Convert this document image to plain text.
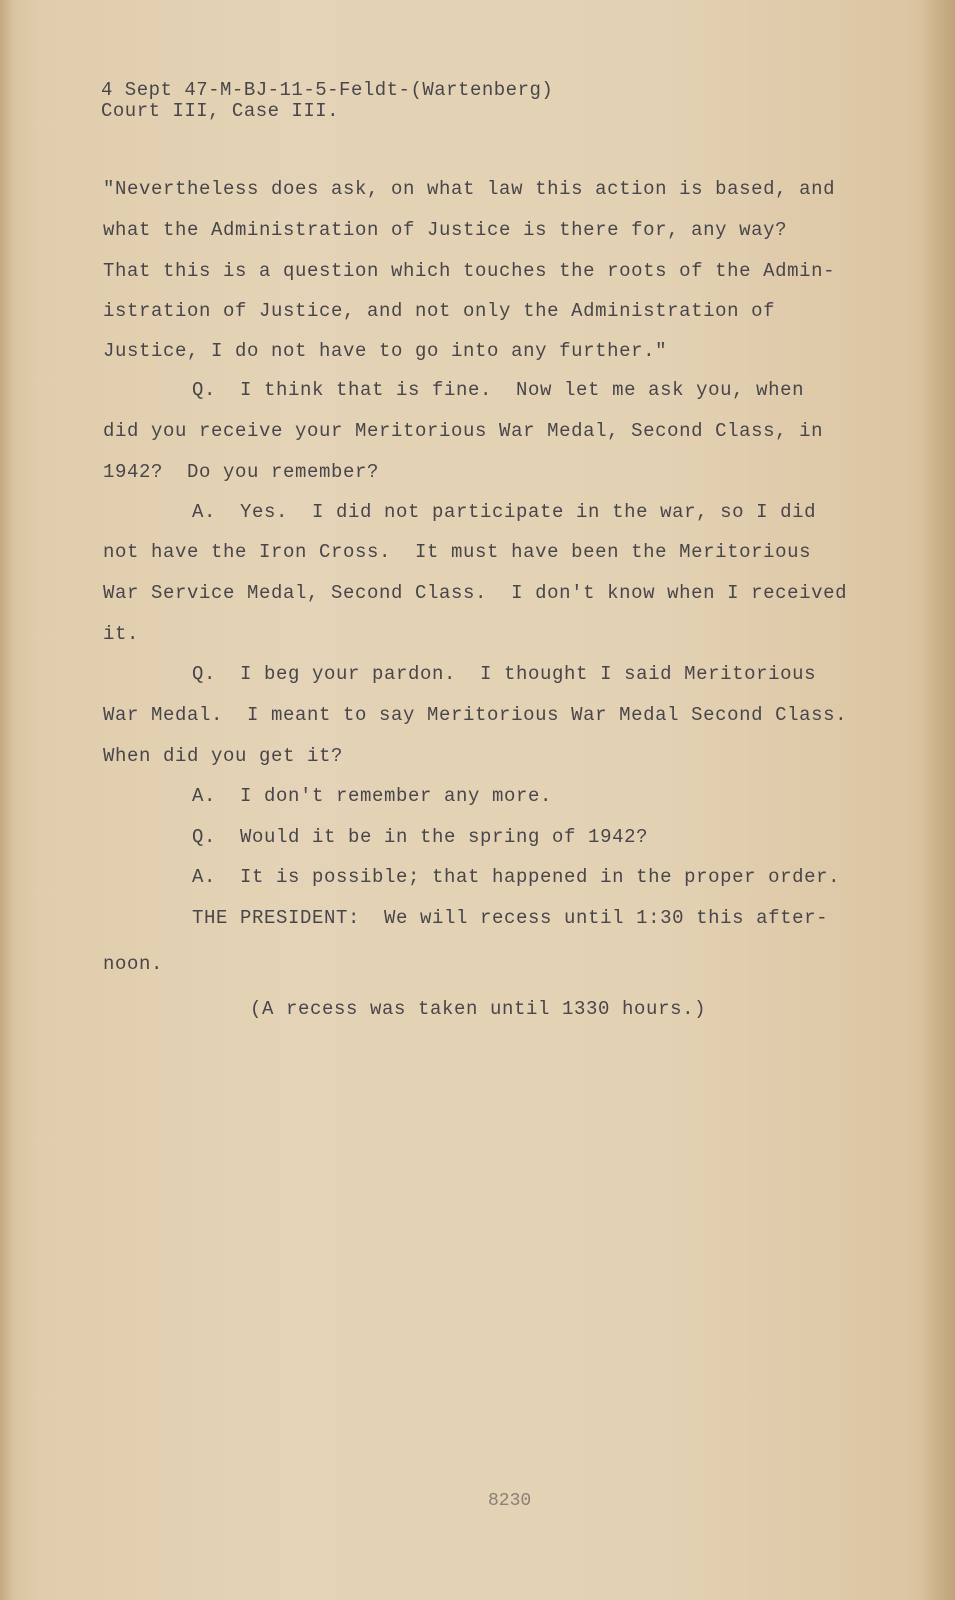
4 Sept 47-M-BJ-11-5-Feldt-(Wartenberg)
Court III, Case III.
"Nevertheless does ask, on what law this action is based, and
what the Administration of Justice is there for, any way?
That this is a question which touches the roots of the Admin-
istration of Justice, and not only the Administration of
Justice, I do not have to go into any further."
Q.  I think that is fine.  Now let me ask you, when
did you receive your Meritorious War Medal, Second Class, in
1942?  Do you remember?
A.  Yes.  I did not participate in the war, so I did
not have the Iron Cross.  It must have been the Meritorious
War Service Medal, Second Class.  I don't know when I received
it.
Q.  I beg your pardon.  I thought I said Meritorious
War Medal.  I meant to say Meritorious War Medal Second Class.
When did you get it?
A.  I don't remember any more.
Q.  Would it be in the spring of 1942?
A.  It is possible; that happened in the proper order.
THE PRESIDENT:  We will recess until 1:30 this after-
noon.
(A recess was taken until 1330 hours.)
8230
